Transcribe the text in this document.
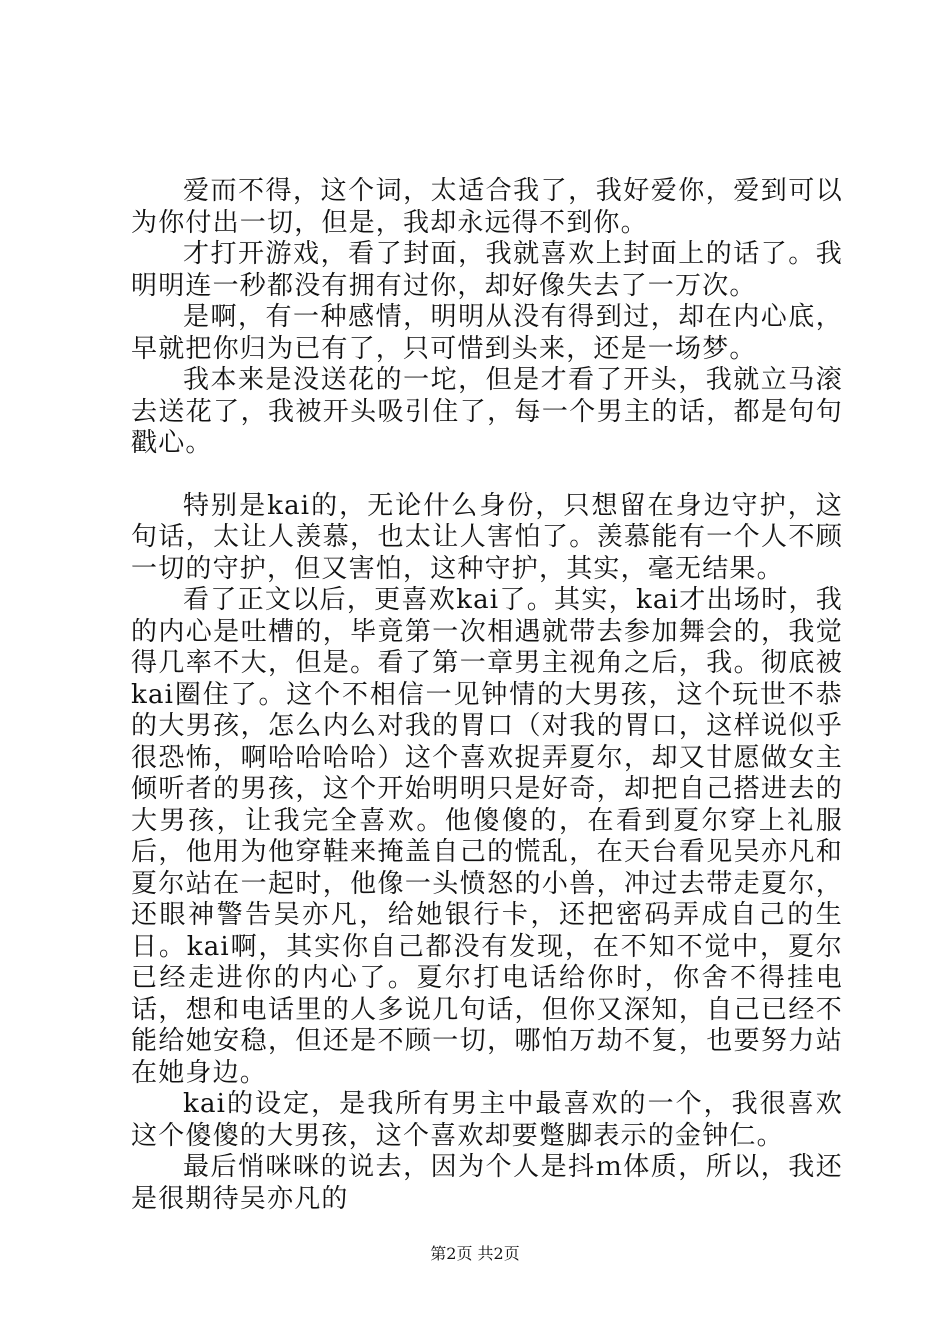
爱而不得，这个词，太适合我了，我好爱你，爱到可以为你付出一切，但是，我却永远得不到你。

才打开游戏，看了封面，我就喜欢上封面上的话了。我明明连一秒都没有拥有过你，却好像失去了一万次。

是啊，有一种感情，明明从没有得到过，却在内心底，早就把你归为已有了，只可惜到头来，还是一场梦。

我本来是没送花的一坨，但是才看了开头，我就立马滚去送花了，我被开头吸引住了，每一个男主的话，都是句句戳心。

特别是kai的，无论什么身份，只想留在身边守护，这句话，太让人羡慕，也太让人害怕了。羡慕能有一个人不顾一切的守护，但又害怕，这种守护，其实，毫无结果。

看了正文以后，更喜欢kai了。其实，kai才出场时，我的内心是吐槽的，毕竟第一次相遇就带去参加舞会的，我觉得几率不大，但是。看了第一章男主视角之后，我。彻底被kai圈住了。这个不相信一见钟情的大男孩，这个玩世不恭的大男孩，怎么内么对我的胃口（对我的胃口，这样说似乎很恐怖，啊哈哈哈哈）这个喜欢捉弄夏尔，却又甘愿做女主倾听者的男孩，这个开始明明只是好奇，却把自己搭进去的大男孩，让我完全喜欢。他傻傻的，在看到夏尔穿上礼服后，他用为他穿鞋来掩盖自己的慌乱，在天台看见吴亦凡和夏尔站在一起时，他像一头愤怒的小兽，冲过去带走夏尔，还眼神警告吴亦凡，给她银行卡，还把密码弄成自己的生日。kai啊，其实你自己都没有发现，在不知不觉中，夏尔已经走进你的内心了。夏尔打电话给你时，你舍不得挂电话，想和电话里的人多说几句话，但你又深知，自己已经不能给她安稳，但还是不顾一切，哪怕万劫不复，也要努力站在她身边。

kai的设定，是我所有男主中最喜欢的一个，我很喜欢这个傻傻的大男孩，这个喜欢却要蹩脚表示的金钟仁。

最后悄咪咪的说去，因为个人是抖ｍ体质，所以，我还是很期待吴亦凡的

第2页 共2页
